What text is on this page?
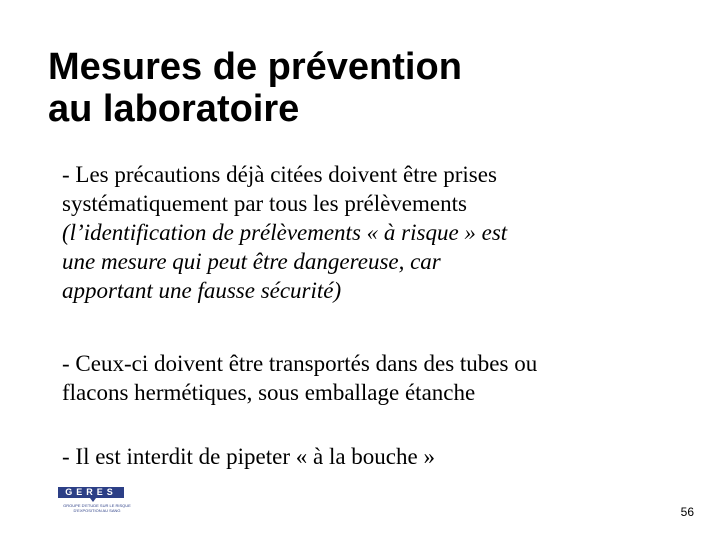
Mesures de prévention
au laboratoire

- Les précautions déjà citées doivent être prises
systématiquement par tous les prélèvements
(l’identification de prélèvements « à risque » est
une mesure qui peut être dangereuse, car
apportant une fausse sécurité)

- Ceux-ci doivent être transportés dans des tubes ou
flacons hermétiques, sous emballage étanche

- Il est interdit de pipeter « à la bouche »

GERES
GROUPE D'ETUDE SUR LE RISQUE
D'EXPOSITION AU SANG	56
